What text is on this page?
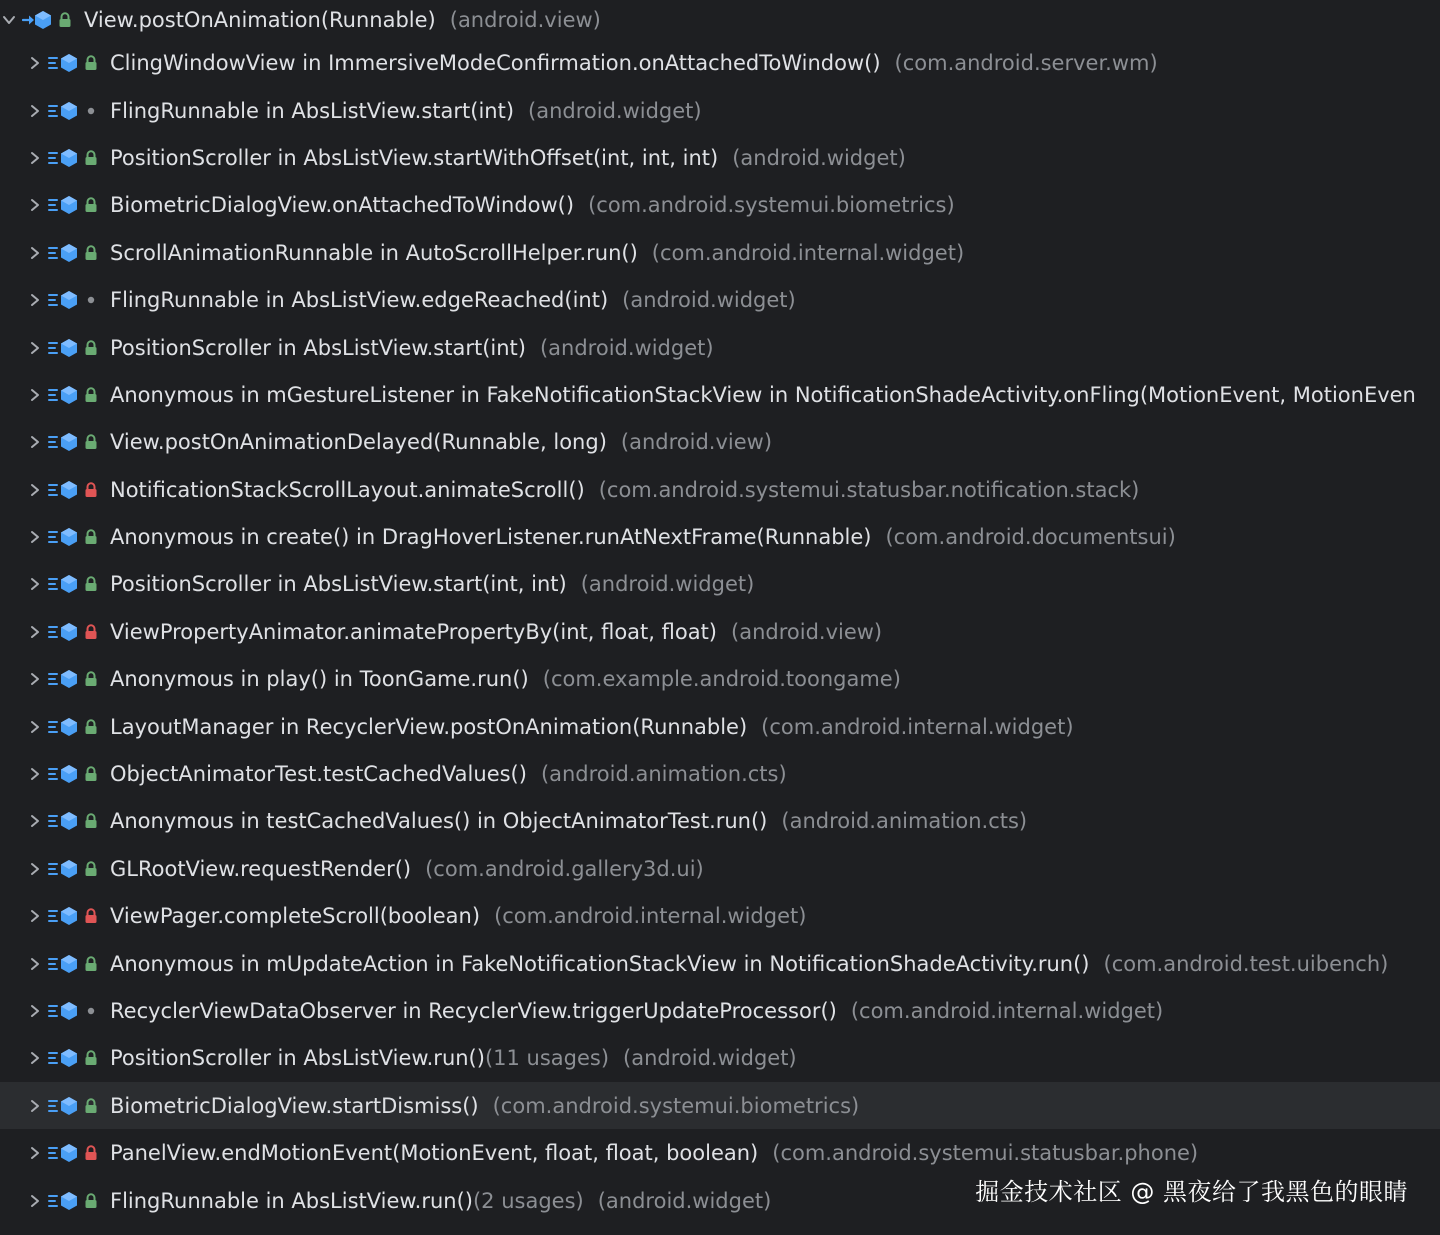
View.postOnAnimation(Runnable) (android.view)
ClingWindowView in ImmersiveModeConfirmation.onAttachedToWindow() (com.android.server.wm)
FlingRunnable in AbsListView.start(int) (android.widget)
PositionScroller in AbsListView.startWithOffset(int, int, int) (android.widget)
BiometricDialogView.onAttachedToWindow() (com.android.systemui.biometrics)
ScrollAnimationRunnable in AutoScrollHelper.run() (com.android.internal.widget)
FlingRunnable in AbsListView.edgeReached(int) (android.widget)
PositionScroller in AbsListView.start(int) (android.widget)
Anonymous in mGestureListener in FakeNotificationStackView in NotificationShadeActivity.onFling(MotionEvent, MotionEven
View.postOnAnimationDelayed(Runnable, long) (android.view)
NotificationStackScrollLayout.animateScroll() (com.android.systemui.statusbar.notification.stack)
Anonymous in create() in DragHoverListener.runAtNextFrame(Runnable) (com.android.documentsui)
PositionScroller in AbsListView.start(int, int) (android.widget)
ViewPropertyAnimator.animatePropertyBy(int, float, float) (android.view)
Anonymous in play() in ToonGame.run() (com.example.android.toongame)
LayoutManager in RecyclerView.postOnAnimation(Runnable) (com.android.internal.widget)
ObjectAnimatorTest.testCachedValues() (android.animation.cts)
Anonymous in testCachedValues() in ObjectAnimatorTest.run() (android.animation.cts)
GLRootView.requestRender() (com.android.gallery3d.ui)
ViewPager.completeScroll(boolean) (com.android.internal.widget)
Anonymous in mUpdateAction in FakeNotificationStackView in NotificationShadeActivity.run() (com.android.test.uibench)
RecyclerViewDataObserver in RecyclerView.triggerUpdateProcessor() (com.android.internal.widget)
PositionScroller in AbsListView.run() (11 usages) (android.widget)
BiometricDialogView.startDismiss() (com.android.systemui.biometrics)
PanelView.endMotionEvent(MotionEvent, float, float, boolean) (com.android.systemui.statusbar.phone)
FlingRunnable in AbsListView.run() (2 usages) (android.widget)	掘金技术社区 @ 黑夜给了我黑色的眼睛
